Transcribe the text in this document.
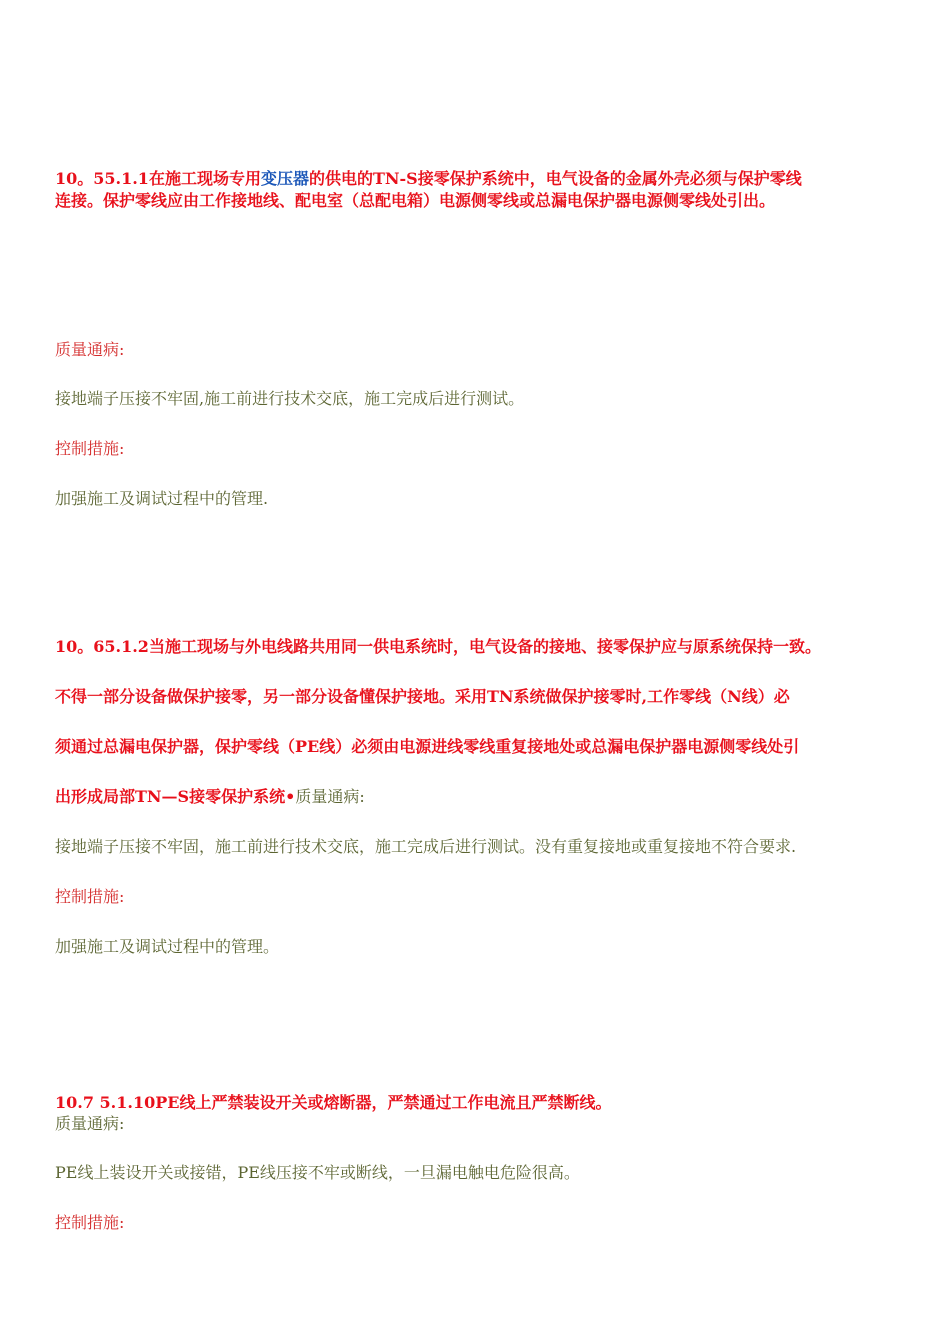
10。55.1.1在施工现场专用变压器的供电的TN-S接零保护系统中，电气设备的金属外壳必须与保护零线
连接。保护零线应由工作接地线、配电室（总配电箱）电源侧零线或总漏电保护器电源侧零线处引出。
质量通病:
接地端子压接不牢固,施工前进行技术交底，施工完成后进行测试。
控制措施:
加强施工及调试过程中的管理.
10。65.1.2当施工现场与外电线路共用同一供电系统时，电气设备的接地、接零保护应与原系统保持一致。
不得一部分设备做保护接零，另一部分设备懂保护接地。采用TN系统做保护接零时,工作零线（N线）必
须通过总漏电保护器，保护零线（PE线）必须由电源进线零线重复接地处或总漏电保护器电源侧零线处引
出形成局部TN—S接零保护系统•质量通病:
接地端子压接不牢固，施工前进行技术交底，施工完成后进行测试。没有重复接地或重复接地不符合要求.
控制措施:
加强施工及调试过程中的管理。
10.7 5.1.10PE线上严禁装设开关或熔断器，严禁通过工作电流且严禁断线。
质量通病:
PE线上装设开关或接错，PE线压接不牢或断线，一旦漏电触电危险很高。
控制措施:
